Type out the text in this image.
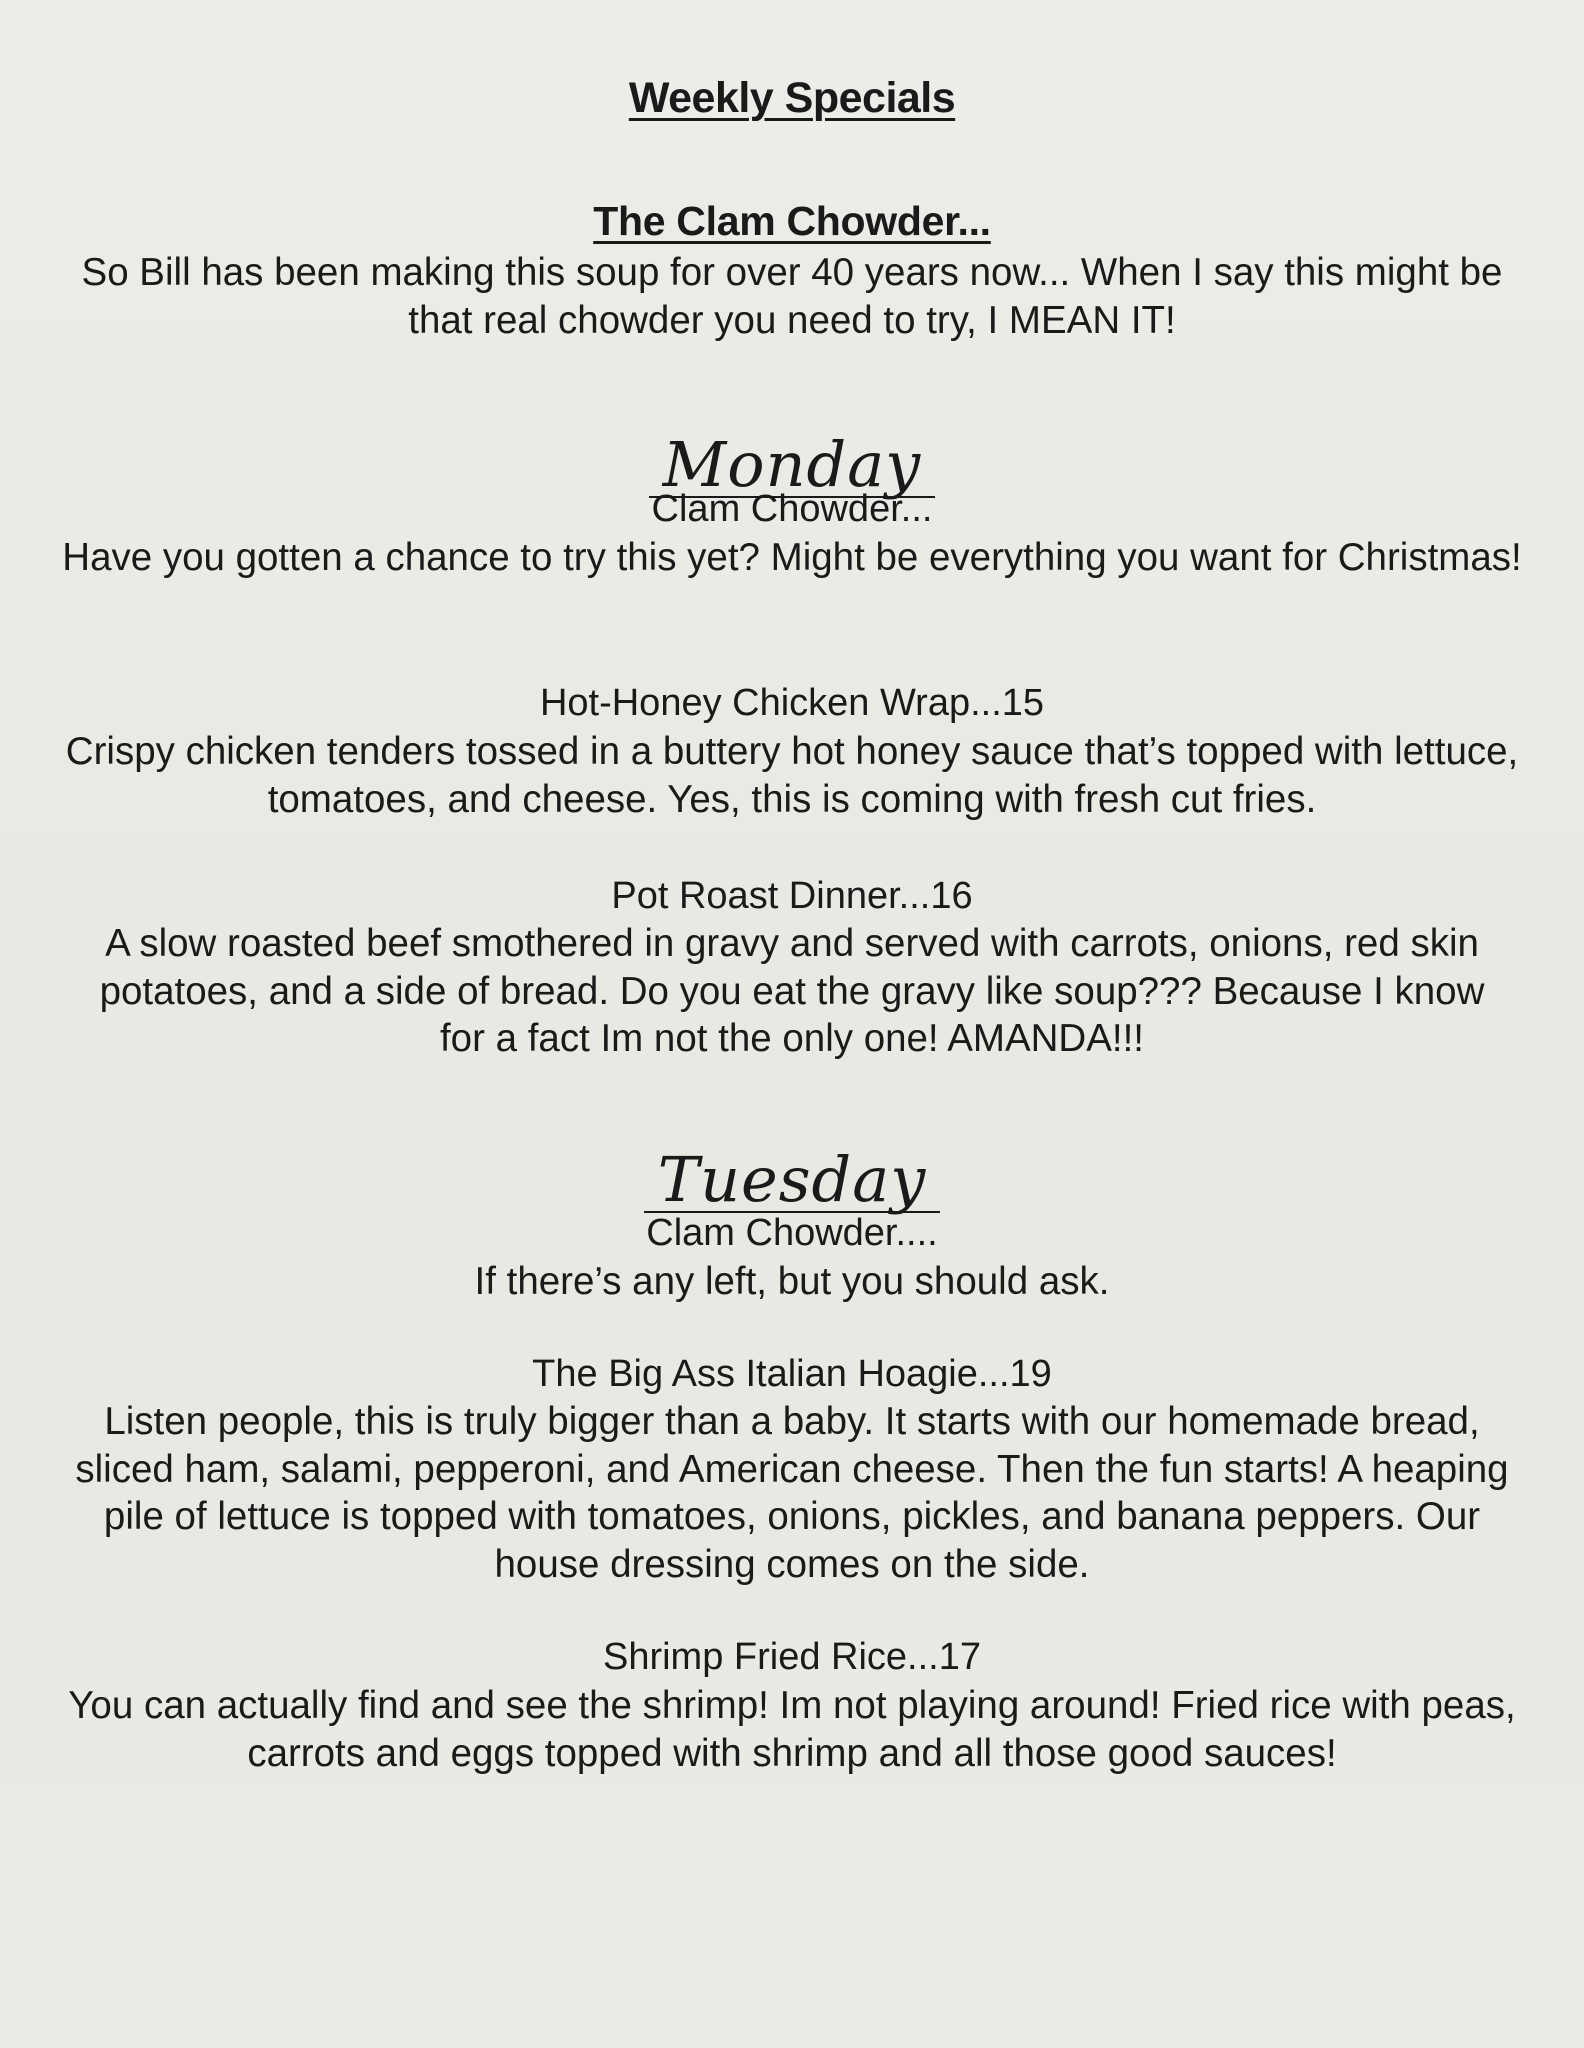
Weekly Specials
The Clam Chowder...
So Bill has been making this soup for over 40 years now... When I say this might be that real chowder you need to try, I MEAN IT!
Monday
Clam Chowder...
Have you gotten a chance to try this yet? Might be everything you want for Christmas!
Hot-Honey Chicken Wrap...15
Crispy chicken tenders tossed in a buttery hot honey sauce that’s topped with lettuce, tomatoes, and cheese. Yes, this is coming with fresh cut fries.
Pot Roast Dinner...16
A slow roasted beef smothered in gravy and served with carrots, onions, red skin potatoes, and a side of bread. Do you eat the gravy like soup??? Because I know for a fact Im not the only one! AMANDA!!!
Tuesday
Clam Chowder....
If there’s any left, but you should ask.
The Big Ass Italian Hoagie...19
Listen people, this is truly bigger than a baby. It starts with our homemade bread, sliced ham, salami, pepperoni, and American cheese. Then the fun starts! A heaping pile of lettuce is topped with tomatoes, onions, pickles, and banana peppers. Our house dressing comes on the side.
Shrimp Fried Rice...17
You can actually find and see the shrimp! Im not playing around! Fried rice with peas, carrots and eggs topped with shrimp and all those good sauces!
